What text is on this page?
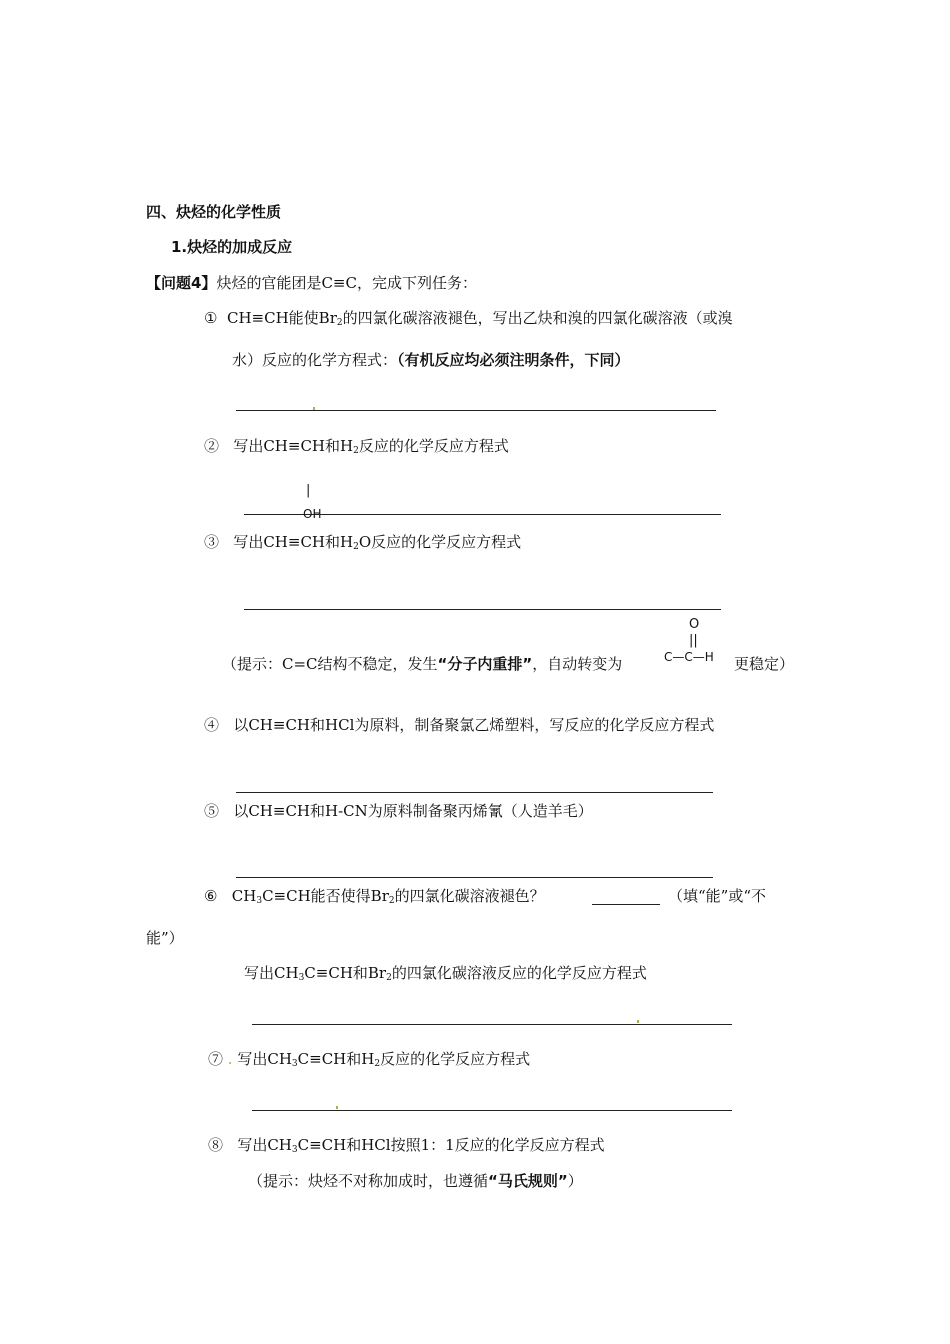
四、炔烃的化学性质
1.炔烃的加成反应
【问题4】炔烃的官能团是C≡C，完成下列任务：
① CH≡CH能使$Br_2$的四氯化碳溶液褪色，写出乙炔和溴的四氯化碳溶液（或溴
水）反应的化学方程式：（有机反应均必须注明条件，下同）
② 写出CH≡CH和$H_2$反应的化学反应方程式
|
OH
③ 写出CH≡CH和$H_2O$反应的化学反应方程式
O
||
C—C—H
（提示：C=C结构不稳定，发生“分子内重排”，自动转变为	更稳定）
④ 以CH≡CH和HCl为原料，制备聚氯乙烯塑料，写反应的化学反应方程式
⑤ 以CH≡CH和H-CN为原料制备聚丙烯氰（人造羊毛）
⑥ $CH_3C\equiv CH$能否使得$Br_2$的四氯化碳溶液褪色？	（填“能”或“不
能”）
写出$CH_3C\equiv CH$和$Br_2$的四氯化碳溶液反应的化学反应方程式
⑦ . 写出$CH_3C\equiv CH$和$H_2$反应的化学反应方程式
⑧ 写出$CH_3C\equiv CH$和HCl按照1：1反应的化学反应方程式
（提示：炔烃不对称加成时，也遵循“马氏规则”）
